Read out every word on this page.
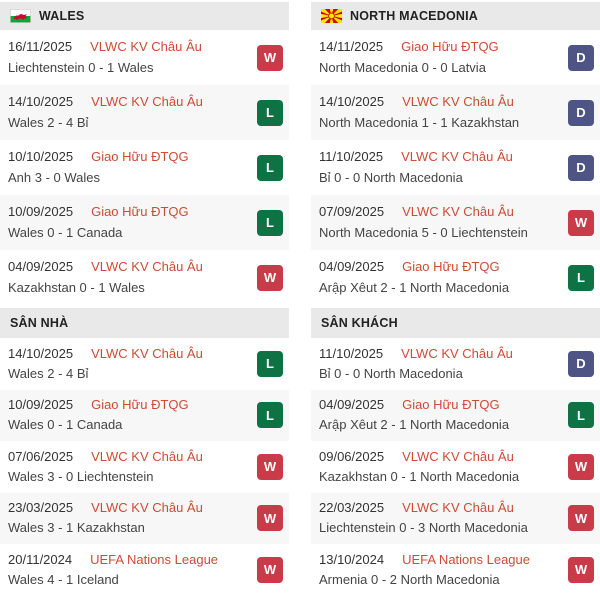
WALES
16/11/2025 VLWC KV Châu Âu
Liechtenstein 0 - 1 Wales
W
14/10/2025 VLWC KV Châu Âu
Wales 2 - 4 Bỉ
L
10/10/2025 Giao Hữu ĐTQG
Anh 3 - 0 Wales
L
10/09/2025 Giao Hữu ĐTQG
Wales 0 - 1 Canada
L
04/09/2025 VLWC KV Châu Âu
Kazakhstan 0 - 1 Wales
W
SÂN NHÀ
14/10/2025 VLWC KV Châu Âu
Wales 2 - 4 Bỉ
L
10/09/2025 Giao Hữu ĐTQG
Wales 0 - 1 Canada
L
07/06/2025 VLWC KV Châu Âu
Wales 3 - 0 Liechtenstein
W
23/03/2025 VLWC KV Châu Âu
Wales 3 - 1 Kazakhstan
W
20/11/2024 UEFA Nations League
Wales 4 - 1 Iceland
W
NORTH MACEDONIA
14/11/2025 Giao Hữu ĐTQG
North Macedonia 0 - 0 Latvia
D
14/10/2025 VLWC KV Châu Âu
North Macedonia 1 - 1 Kazakhstan
D
11/10/2025 VLWC KV Châu Âu
Bỉ 0 - 0 North Macedonia
D
07/09/2025 VLWC KV Châu Âu
North Macedonia 5 - 0 Liechtenstein
W
04/09/2025 Giao Hữu ĐTQG
Arập Xêut 2 - 1 North Macedonia
L
SÂN KHÁCH
11/10/2025 VLWC KV Châu Âu
Bỉ 0 - 0 North Macedonia
D
04/09/2025 Giao Hữu ĐTQG
Arập Xêut 2 - 1 North Macedonia
L
09/06/2025 VLWC KV Châu Âu
Kazakhstan 0 - 1 North Macedonia
W
22/03/2025 VLWC KV Châu Âu
Liechtenstein 0 - 3 North Macedonia
W
13/10/2024 UEFA Nations League
Armenia 0 - 2 North Macedonia
W
